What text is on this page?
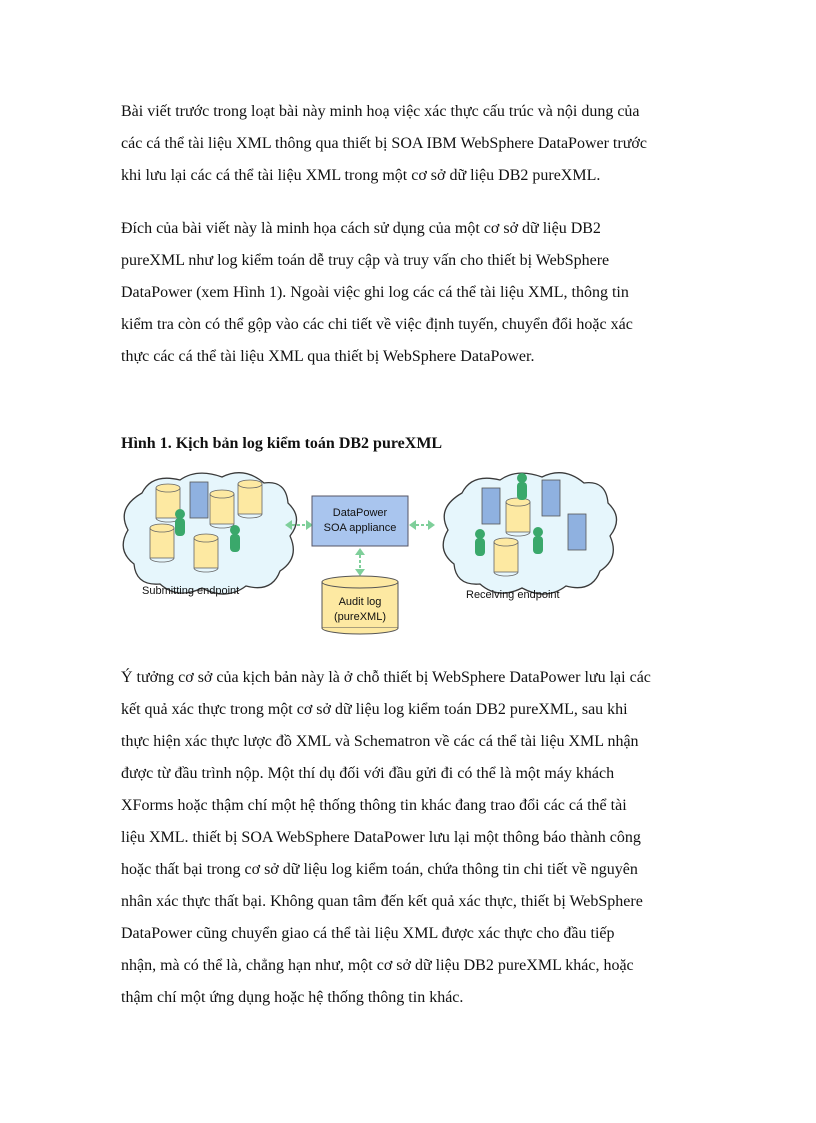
Bài viết trước trong loạt bài này minh hoạ việc xác thực cấu trúc và nội dung của
các cá thể tài liệu XML thông qua thiết bị SOA IBM WebSphere DataPower trước
khi lưu lại các cá thể tài liệu XML trong một cơ sở dữ liệu DB2 pureXML.
Đích của bài viết này là minh họa cách sử dụng của một cơ sở dữ liệu DB2
pureXML như log kiểm toán dễ truy cập và truy vấn cho thiết bị WebSphere
DataPower (xem Hình 1). Ngoài việc ghi log các cá thể tài liệu XML, thông tin
kiểm tra còn có thể gộp vào các chi tiết về việc định tuyến, chuyển đổi hoặc xác
thực các cá thể tài liệu XML qua thiết bị WebSphere DataPower.

Hình 1. Kịch bản log kiểm toán DB2 pureXML

Submitting endpoint
DataPower
SOA appliance
Audit log
(pureXML)
Receiving endpoint
Ý tưởng cơ sở của kịch bản này là ở chỗ thiết bị WebSphere DataPower lưu lại các
kết quả xác thực trong một cơ sở dữ liệu log kiểm toán DB2 pureXML, sau khi
thực hiện xác thực lược đồ XML và Schematron về các cá thể tài liệu XML nhận
được từ đầu trình nộp. Một thí dụ đối với đầu gửi đi có thể là một máy khách
XForms hoặc thậm chí một hệ thống thông tin khác đang trao đổi các cá thể tài
liệu XML. thiết bị SOA WebSphere DataPower lưu lại một thông báo thành công
hoặc thất bại trong cơ sở dữ liệu log kiểm toán, chứa thông tin chi tiết về nguyên
nhân xác thực thất bại. Không quan tâm đến kết quả xác thực, thiết bị WebSphere
DataPower cũng chuyển giao cá thể tài liệu XML được xác thực cho đầu tiếp
nhận, mà có thể là, chẳng hạn như, một cơ sở dữ liệu DB2 pureXML khác, hoặc
thậm chí một ứng dụng hoặc hệ thống thông tin khác.
